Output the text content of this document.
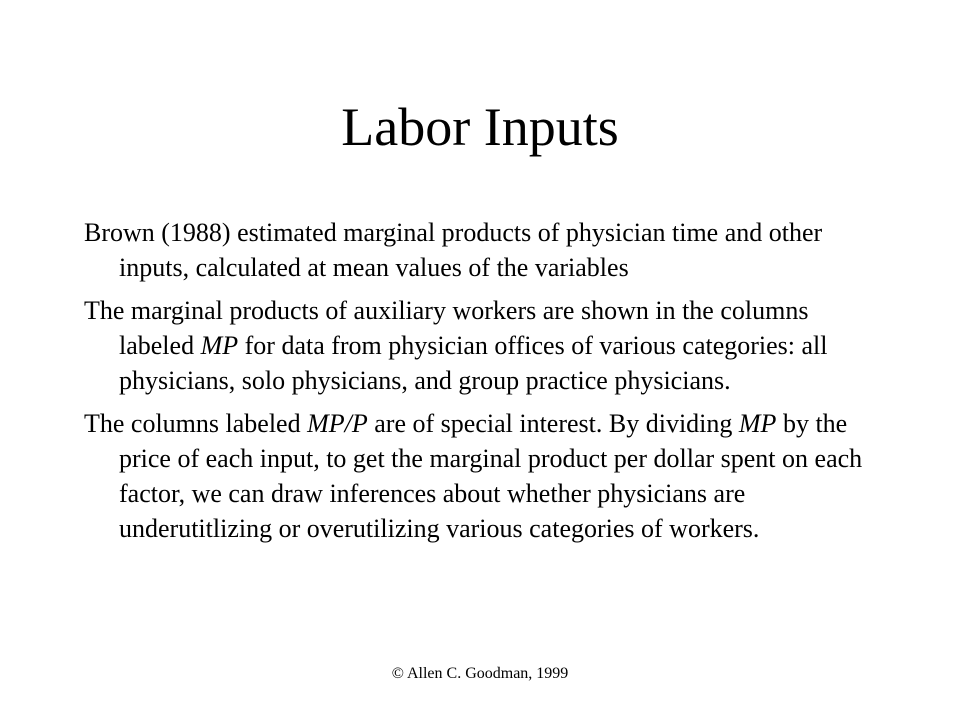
Labor Inputs

Brown (1988) estimated marginal products of physician time and other inputs, calculated at mean values of the variables

The marginal products of auxiliary workers are shown in the columns labeled MP for data from physician offices of various categories: all physicians, solo physicians, and group practice physicians.

The columns labeled MP/P are of special interest. By dividing MP by the price of each input, to get the marginal product per dollar spent on each factor, we can draw inferences about whether physicians are underutitlizing or overutilizing various categories of workers.

© Allen C. Goodman, 1999
